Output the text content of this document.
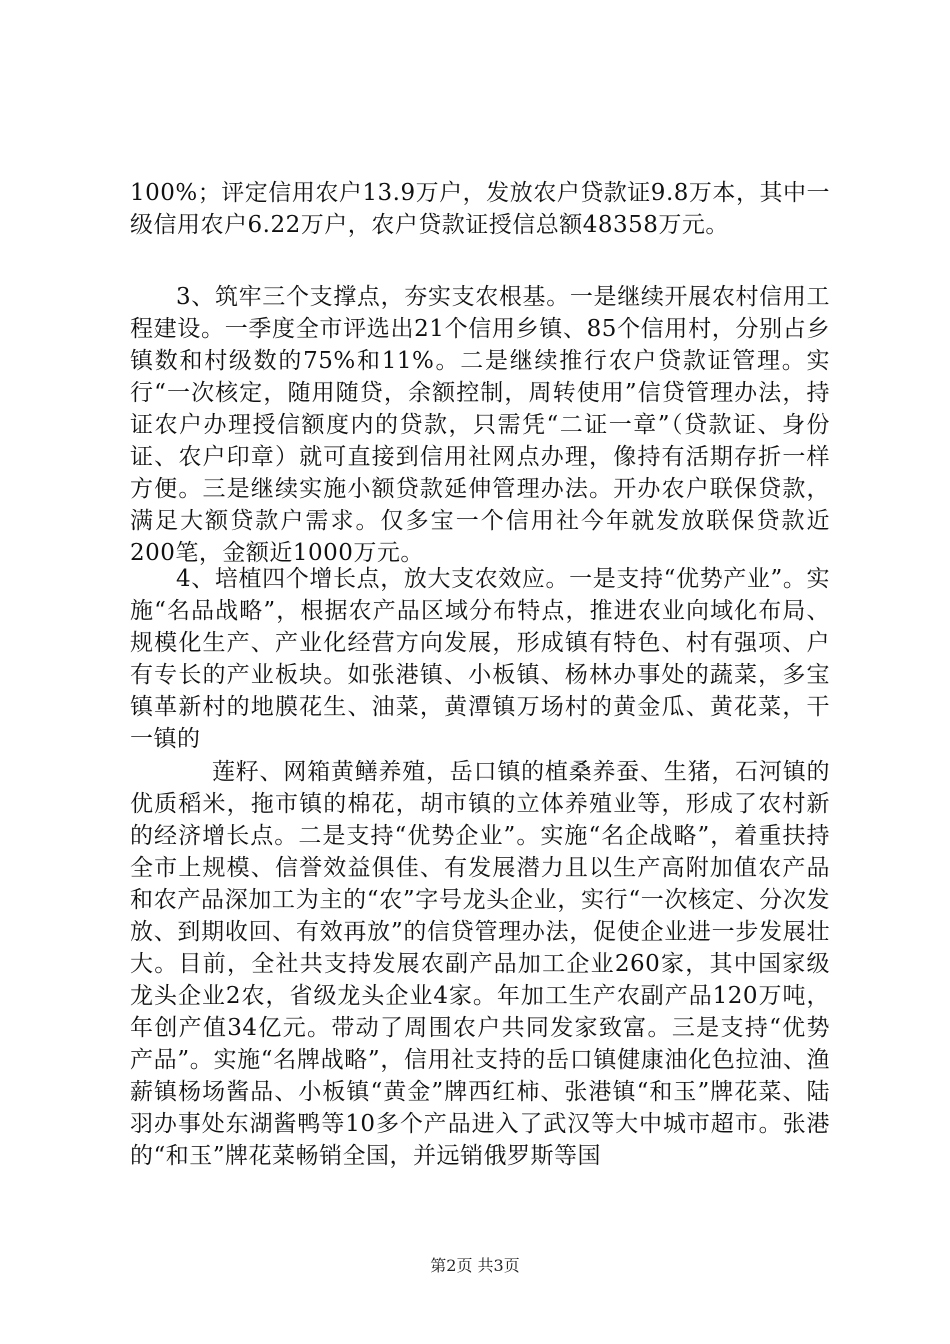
100%；评定信用农户13.9万户，发放农户贷款证9.8万本，其中一级信用农户6.22万户，农户贷款证授信总额48358万元。

3、筑牢三个支撑点，夯实支农根基。一是继续开展农村信用工程建设。一季度全市评选出21个信用乡镇、85个信用村，分别占乡镇数和村级数的75%和11%。二是继续推行农户贷款证管理。实行“一次核定，随用随贷，余额控制，周转使用”信贷管理办法，持证农户办理授信额度内的贷款，只需凭“二证一章”（贷款证、身份证、农户印章）就可直接到信用社网点办理，像持有活期存折一样方便。三是继续实施小额贷款延伸管理办法。开办农户联保贷款，满足大额贷款户需求。仅多宝一个信用社今年就发放联保贷款近200笔，金额近1000万元。

4、培植四个增长点，放大支农效应。一是支持“优势产业”。实施“名品战略”，根据农产品区域分布特点，推进农业向域化布局、规模化生产、产业化经营方向发展，形成镇有特色、村有强项、户有专长的产业板块。如张港镇、小板镇、杨林办事处的蔬菜，多宝镇革新村的地膜花生、油菜，黄潭镇万场村的黄金瓜、黄花菜，干一镇的

莲籽、网箱黄鳝养殖，岳口镇的植桑养蚕、生猪，石河镇的优质稻米，拖市镇的棉花，胡市镇的立体养殖业等，形成了农村新的经济增长点。二是支持“优势企业”。实施“名企战略”，着重扶持全市上规模、信誉效益俱佳、有发展潜力且以生产高附加值农产品和农产品深加工为主的“农”字号龙头企业，实行“一次核定、分次发放、到期收回、有效再放”的信贷管理办法，促使企业进一步发展壮大。目前，全社共支持发展农副产品加工企业260家，其中国家级龙头企业2农，省级龙头企业4家。年加工生产农副产品120万吨，年创产值34亿元。带动了周围农户共同发家致富。三是支持“优势产品”。实施“名牌战略”，信用社支持的岳口镇健康油化色拉油、渔薪镇杨场酱品、小板镇“黄金”牌西红柿、张港镇“和玉”牌花菜、陆羽办事处东湖酱鸭等10多个产品进入了武汉等大中城市超市。张港的“和玉”牌花菜畅销全国，并远销俄罗斯等国

第2页 共3页
